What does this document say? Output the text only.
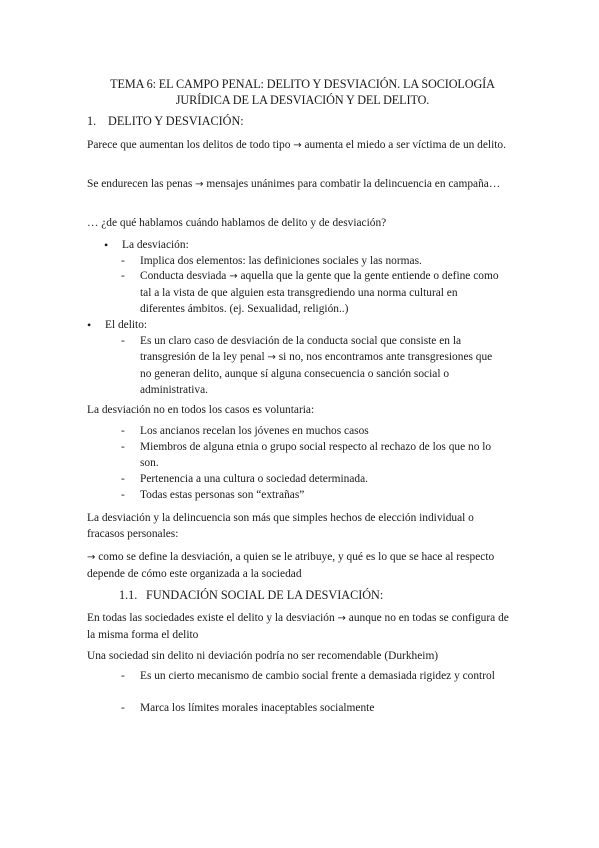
TEMA 6: EL CAMPO PENAL: DELITO Y DESVIACIÓN. LA SOCIOLOGÍA JURÍDICA DE LA DESVIACIÓN Y DEL DELITO.
1. DELITO Y DESVIACIÓN:
Parece que aumentan los delitos de todo tipo → aumenta el miedo a ser víctima de un delito.
Se endurecen las penas → mensajes unánimes para combatir la delincuencia en campaña…
… ¿de qué hablamos cuándo hablamos de delito y de desviación?
• La desviación:
- Implica dos elementos: las definiciones sociales y las normas.
- Conducta desviada → aquella que la gente que la gente entiende o define como tal a la vista de que alguien esta transgrediendo una norma cultural en diferentes ámbitos. (ej. Sexualidad, religión..)
• El delito:
- Es un claro caso de desviación de la conducta social que consiste en la transgresión de la ley penal → si no, nos encontramos ante transgresiones que no generan delito, aunque sí alguna consecuencia o sanción social o administrativa.
La desviación no en todos los casos es voluntaria:
- Los ancianos recelan los jóvenes en muchos casos
- Miembros de alguna etnia o grupo social respecto al rechazo de los que no lo son.
- Pertenencia a una cultura o sociedad determinada.
- Todas estas personas son “extrañas”
La desviación y la delincuencia son más que simples hechos de elección individual o fracasos personales:
→ como se define la desviación, a quien se le atribuye, y qué es lo que se hace al respecto depende de cómo este organizada a la sociedad
1.1. FUNDACIÓN SOCIAL DE LA DESVIACIÓN:
En todas las sociedades existe el delito y la desviación → aunque no en todas se configura de la misma forma el delito
Una sociedad sin delito ni deviación podría no ser recomendable (Durkheim)
- Es un cierto mecanismo de cambio social frente a demasiada rigidez y control
- Marca los límites morales inaceptables socialmente
